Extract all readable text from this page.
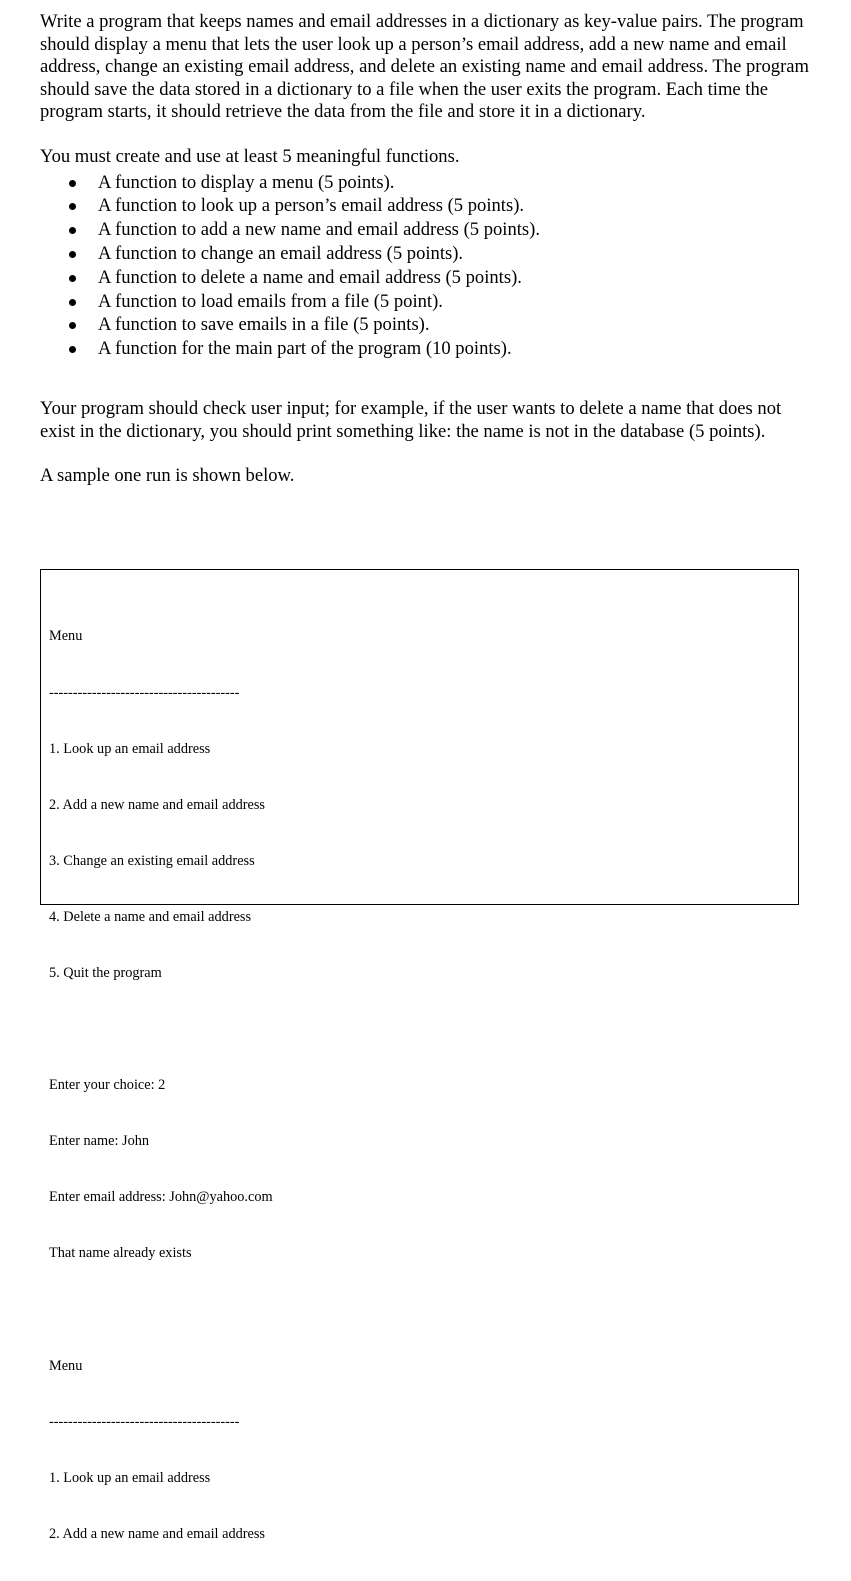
Write a program that keeps names and email addresses in a dictionary as key-value pairs. The program should display a menu that lets the user look up a person’s email address, add a new name and email address, change an existing email address, and delete an existing name and email address. The program should save the data stored in a dictionary to a file when the user exits the program. Each time the program starts, it should retrieve the data from the file and store it in a dictionary.

You must create and use at least 5 meaningful functions.

A function to display a menu (5 points).
A function to look up a person’s email address (5 points).
A function to add a new name and email address (5 points).
A function to change an email address (5 points).
A function to delete a name and email address (5 points).
A function to load emails from a file (5 point).
A function to save emails in a file (5 points).
A function for the main part of the program (10 points).

Your program should check user input; for example, if the user wants to delete a name that does not exist in the dictionary, you should print something like: the name is not in the database (5 points).

A sample one run is shown below.

Menu

----------------------------------------

1. Look up an email address

2. Add a new name and email address

3. Change an existing email address

4. Delete a name and email address

5. Quit the program

Enter your choice: 2

Enter name: John

Enter email address: John@yahoo.com

That name already exists

Menu

----------------------------------------

1. Look up an email address

2. Add a new name and email address
